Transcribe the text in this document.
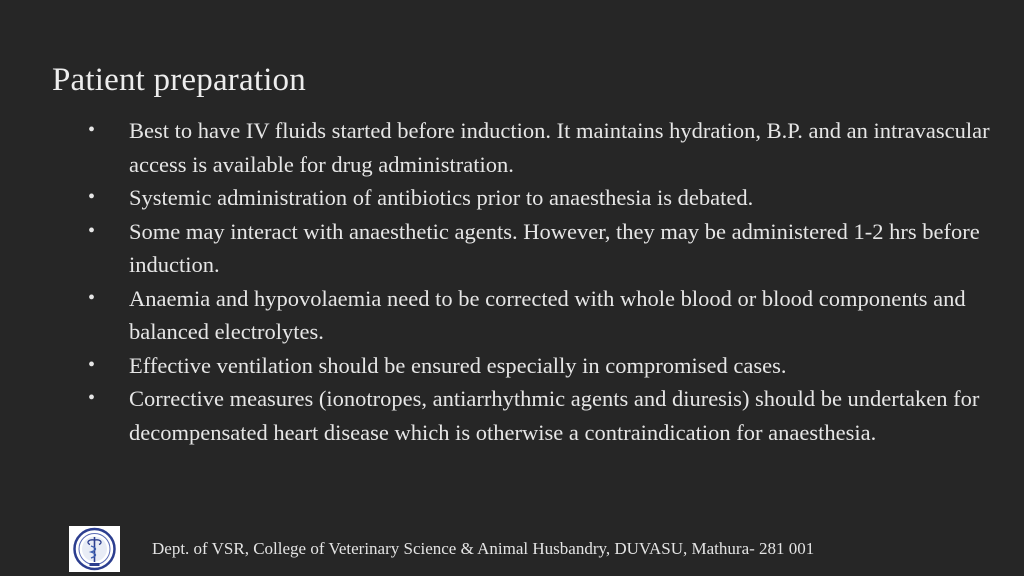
Patient preparation
• Best to have IV fluids started before induction. It maintains hydration, B.P. and an intravascular access is available for drug administration.
• Systemic administration of antibiotics prior to anaesthesia is debated.
• Some may interact with anaesthetic agents. However, they may be administered 1-2 hrs before induction.
• Anaemia and hypovolaemia need to be corrected with whole blood or blood components and balanced electrolytes.
• Effective ventilation should be ensured especially in compromised cases.
• Corrective measures (ionotropes, antiarrhythmic agents and diuresis) should be undertaken for decompensated heart disease which is otherwise a contraindication for anaesthesia.
Dept. of VSR, College of Veterinary Science & Animal Husbandry, DUVASU, Mathura- 281 001
